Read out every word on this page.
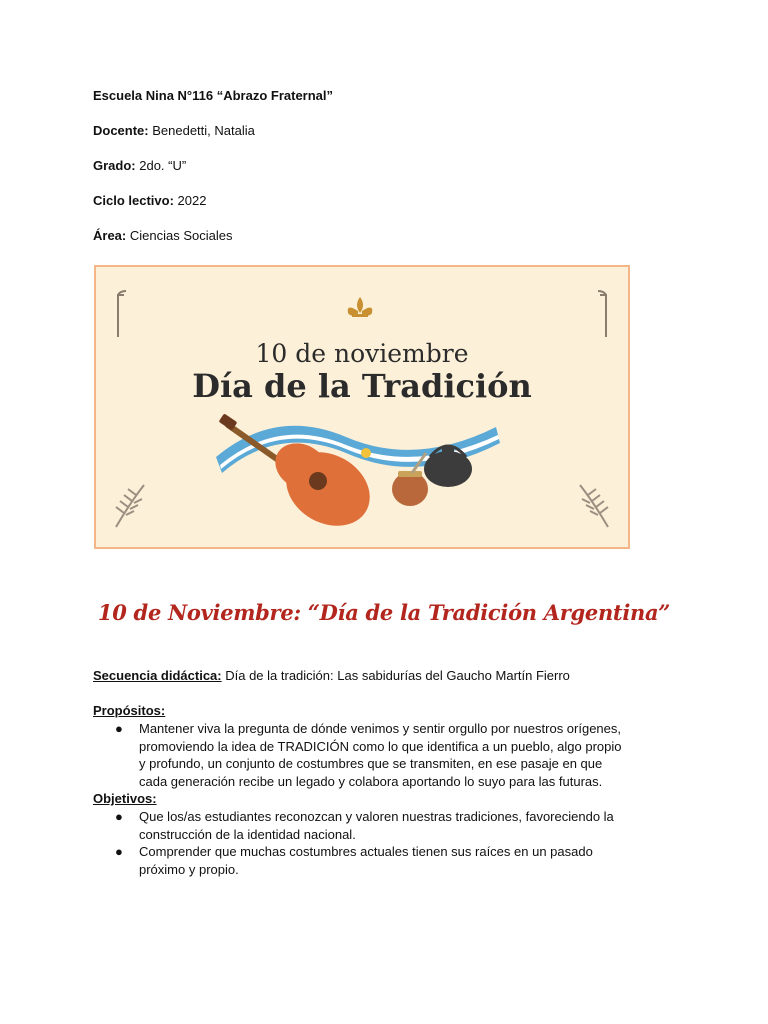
Escuela Nina N°116 “Abrazo Fraternal”
Docente: Benedetti, Natalia
Grado: 2do. “U”
Ciclo lectivo: 2022
Área: Ciencias Sociales
10 de noviembre
Día de la Tradición
10 de Noviembre: “Día de la Tradición Argentina”
Secuencia didáctica: Día de la tradición: Las sabidurías del Gaucho Martín Fierro
Propósitos:
● Mantener viva la pregunta de dónde venimos y sentir orgullo por nuestros orígenes,
promoviendo la idea de TRADICIÓN como lo que identifica a un pueblo, algo propio
y profundo, un conjunto de costumbres que se transmiten, en ese pasaje en que
cada generación recibe un legado y colabora aportando lo suyo para las futuras.
Objetivos:
● Que los/as estudiantes reconozcan y valoren nuestras tradiciones, favoreciendo la
construcción de la identidad nacional.
● Comprender que muchas costumbres actuales tienen sus raíces en un pasado
próximo y propio.
